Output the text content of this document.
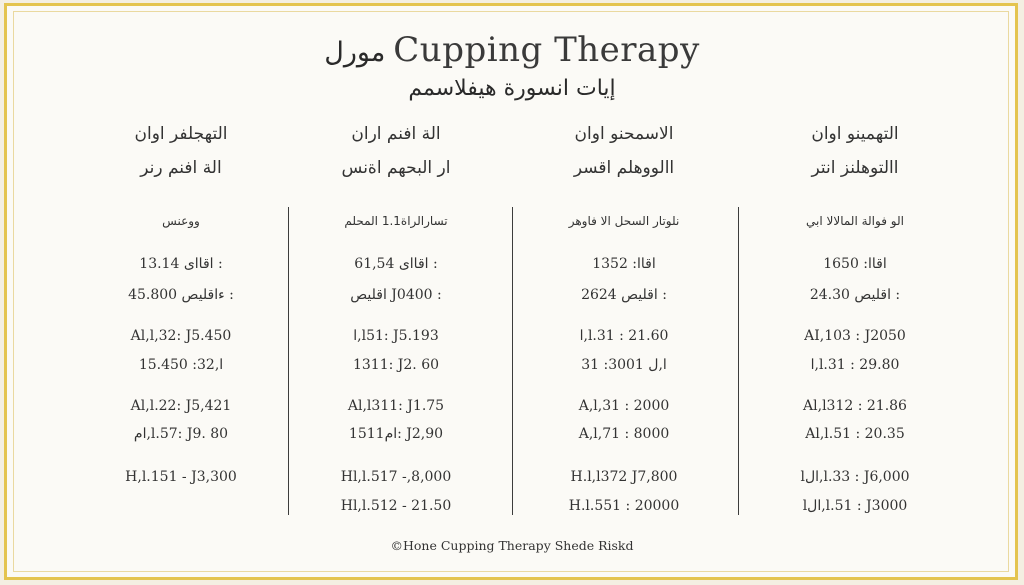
مورل Cupping Therapy
إيات انسورة هيفلاسمم
التهجلفر اوان
الة افنم رنر
ووعنس
اقااى 13.14 :
ءاقليص 45.800 :
Al,l,32: J5.450
ا,32: 15.450
Al,l.22: J5,421
ام,l.57: J9. 80
H,l.151 - J3,300
الة افنم اران
ار البحهم اةنس
تسارالراة1.1 المحلم
اقااى 61,54 :
اقليص J0400 :
ا,l51: J5.193
1311: J2. 60
Al,l311: J1.75
ام1511: J2,90
Hl,l.517 -,8,000
Hl,l.512 - 21.50
الاسمحنو اوان
االووهلم اقسر
نلوتار السحل الا فاوهر
اقاا: 1352
اقليص 2624 :
ا,l.31 : 21.60
31 :ا,ل 3001
A,l,31 : 2000
A,l,71 : 8000
H.l,l372 J7,800
H.l.551 : 20000
التهمينو اوان
االتوهلنز انتر
الو فوالة المالالا ابي
اقاا: 1650
اقليص 24.30 :
AI,103 : J2050
ا,l.31 : 29.80
Al,l312 : 21.86
Al,l.51 : 20.35
lال,l.33 : J6,000
lال,l.51 : J3000
©Hone Cupping Therapy Shede Riskd
